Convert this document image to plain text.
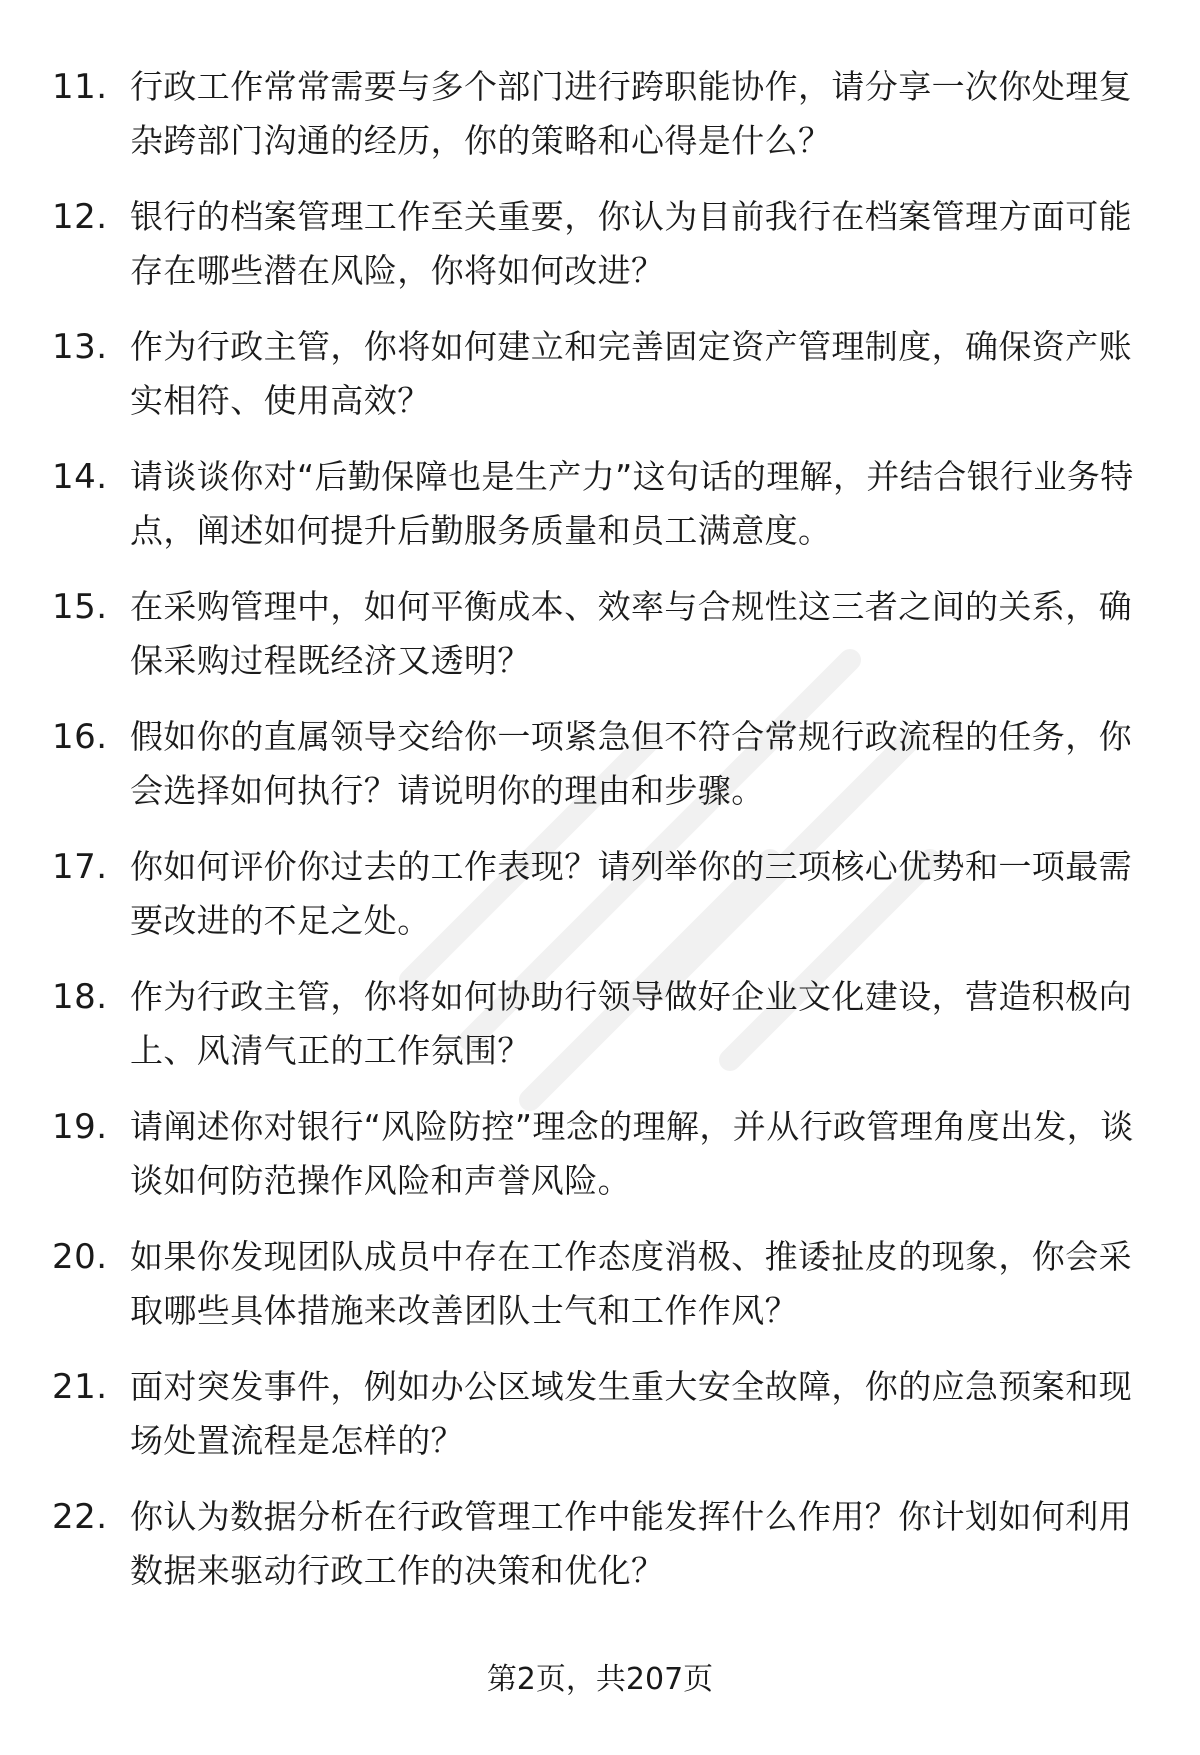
11. 行政工作常常需要与多个部门进行跨职能协作，请分享一次你处理复杂跨部门沟通的经历，你的策略和心得是什么？
12. 银行的档案管理工作至关重要，你认为目前我行在档案管理方面可能存在哪些潜在风险，你将如何改进？
13. 作为行政主管，你将如何建立和完善固定资产管理制度，确保资产账实相符、使用高效？
14. 请谈谈你对“后勤保障也是生产力”这句话的理解，并结合银行业务特点，阐述如何提升后勤服务质量和员工满意度。
15. 在采购管理中，如何平衡成本、效率与合规性这三者之间的关系，确保采购过程既经济又透明？
16. 假如你的直属领导交给你一项紧急但不符合常规行政流程的任务，你会选择如何执行？请说明你的理由和步骤。
17. 你如何评价你过去的工作表现？请列举你的三项核心优势和一项最需要改进的不足之处。
18. 作为行政主管，你将如何协助行领导做好企业文化建设，营造积极向上、风清气正的工作氛围？
19. 请阐述你对银行“风险防控”理念的理解，并从行政管理角度出发，谈谈如何防范操作风险和声誉风险。
20. 如果你发现团队成员中存在工作态度消极、推诿扯皮的现象，你会采取哪些具体措施来改善团队士气和工作作风？
21. 面对突发事件，例如办公区域发生重大安全故障，你的应急预案和现场处置流程是怎样的？
22. 你认为数据分析在行政管理工作中能发挥什么作用？你计划如何利用数据来驱动行政工作的决策和优化？
第2页，共207页
